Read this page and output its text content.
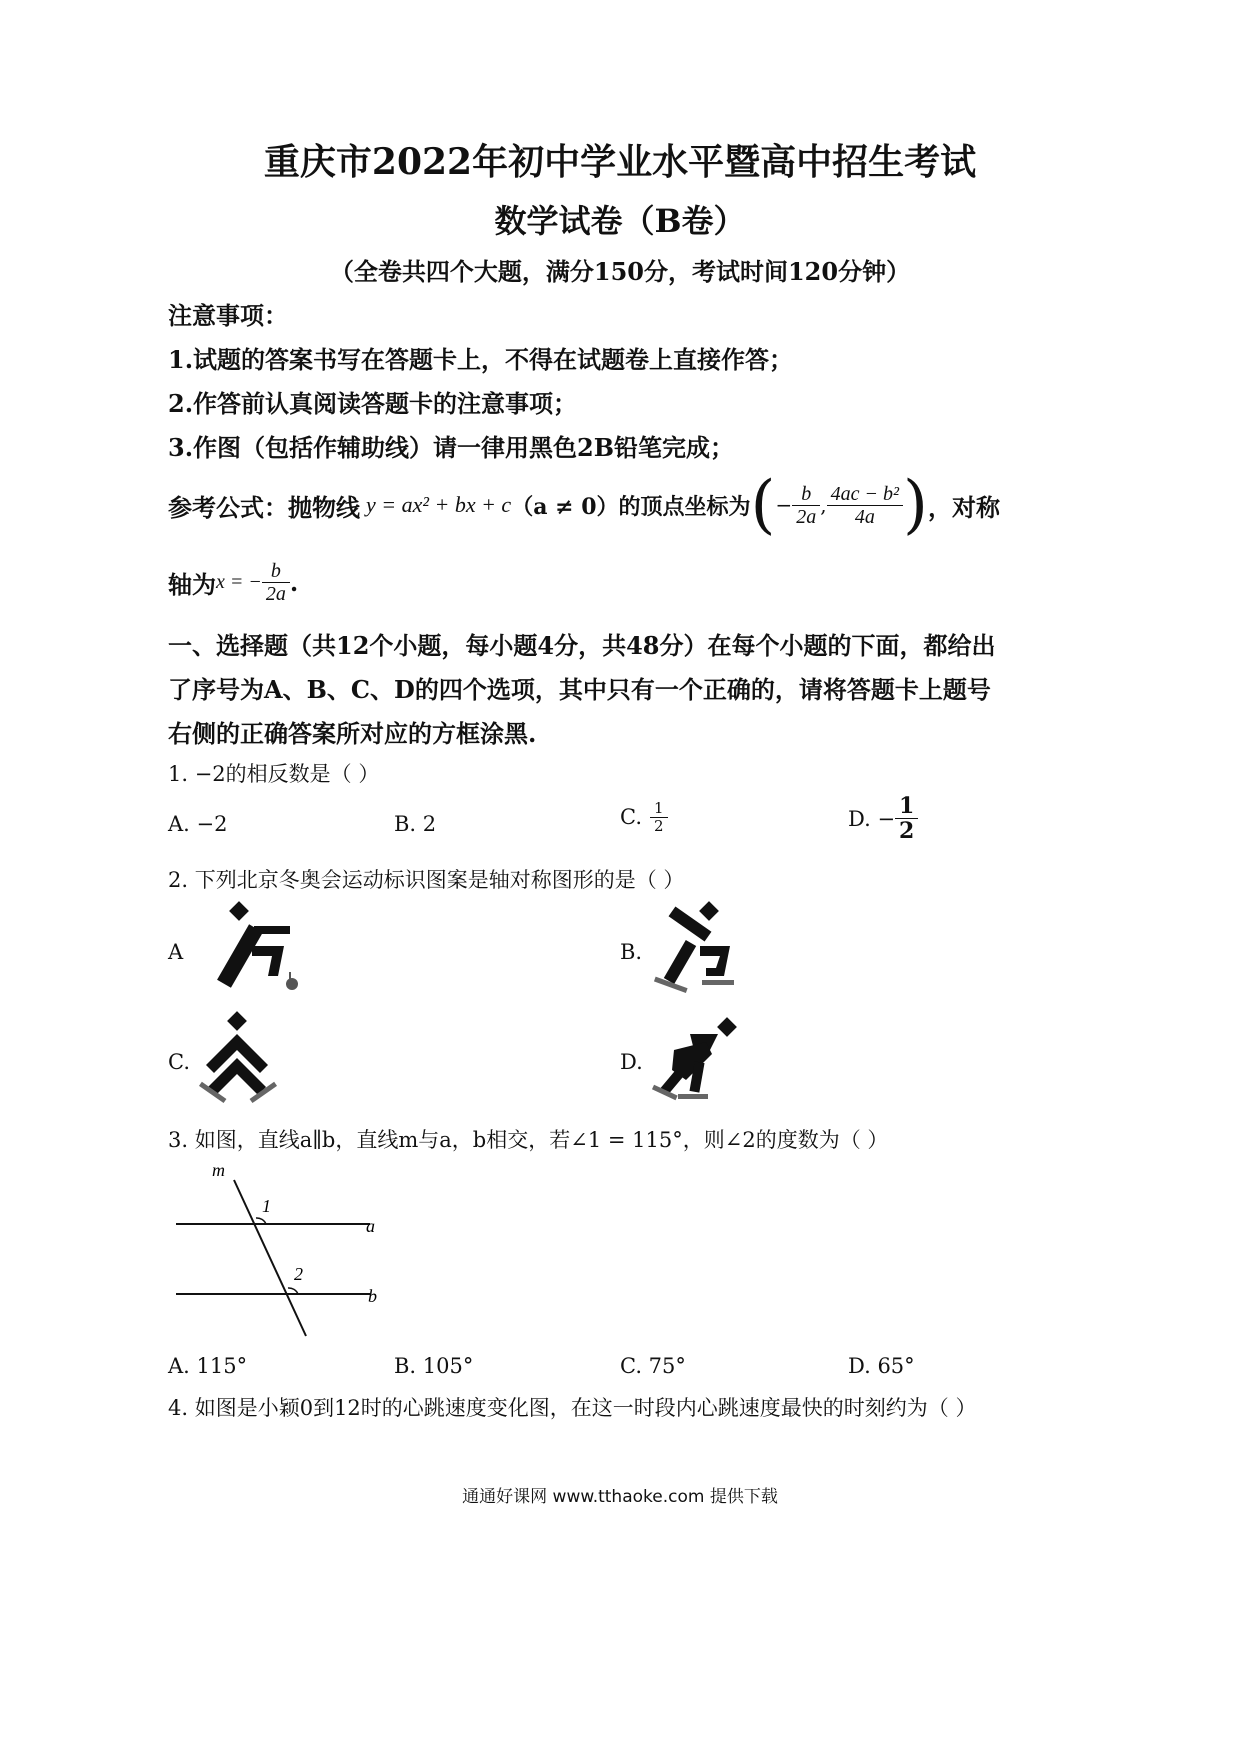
重庆市2022年初中学业水平暨高中招生考试
数学试卷（B卷）
（全卷共四个大题，满分150分，考试时间120分钟）
注意事项：
1.试题的答案书写在答题卡上，不得在试题卷上直接作答；
2.作答前认真阅读答题卡的注意事项；
3.作图（包括作辅助线）请一律用黑色2B铅笔完成；
参考公式：抛物线 y = ax² + bx + c （a ≠ 0）的顶点坐标为 ( − $\frac{b}{2a}$ , $\frac{\text{4ac − b²}}{4a}$ ) ，对称
轴为 x = − $\frac{b}{2a}$ .
一、选择题（共12个小题，每小题4分，共48分）在每个小题的下面，都给出
了序号为A、B、C、D的四个选项，其中只有一个正确的，请将答题卡上题号
右侧的正确答案所对应的方框涂黑.
1. −2的相反数是（ ）
A. −2	B. 2	C. $\frac{1}{2}$	D. − $\frac{1}{2}$
2. 下列北京冬奥会运动标识图案是轴对称图形的是（ ）
A	B.
C.	D.
3. 如图，直线a∥b，直线m与a，b相交，若∠1 = 115°，则∠2的度数为（ ）
m
1
2
a
b
A. 115°	B. 105°	C. 75°	D. 65°
4. 如图是小颖0到12时的心跳速度变化图，在这一时段内心跳速度最快的时刻约为（ ）
通通好课网 www.tthaoke.com 提供下载
